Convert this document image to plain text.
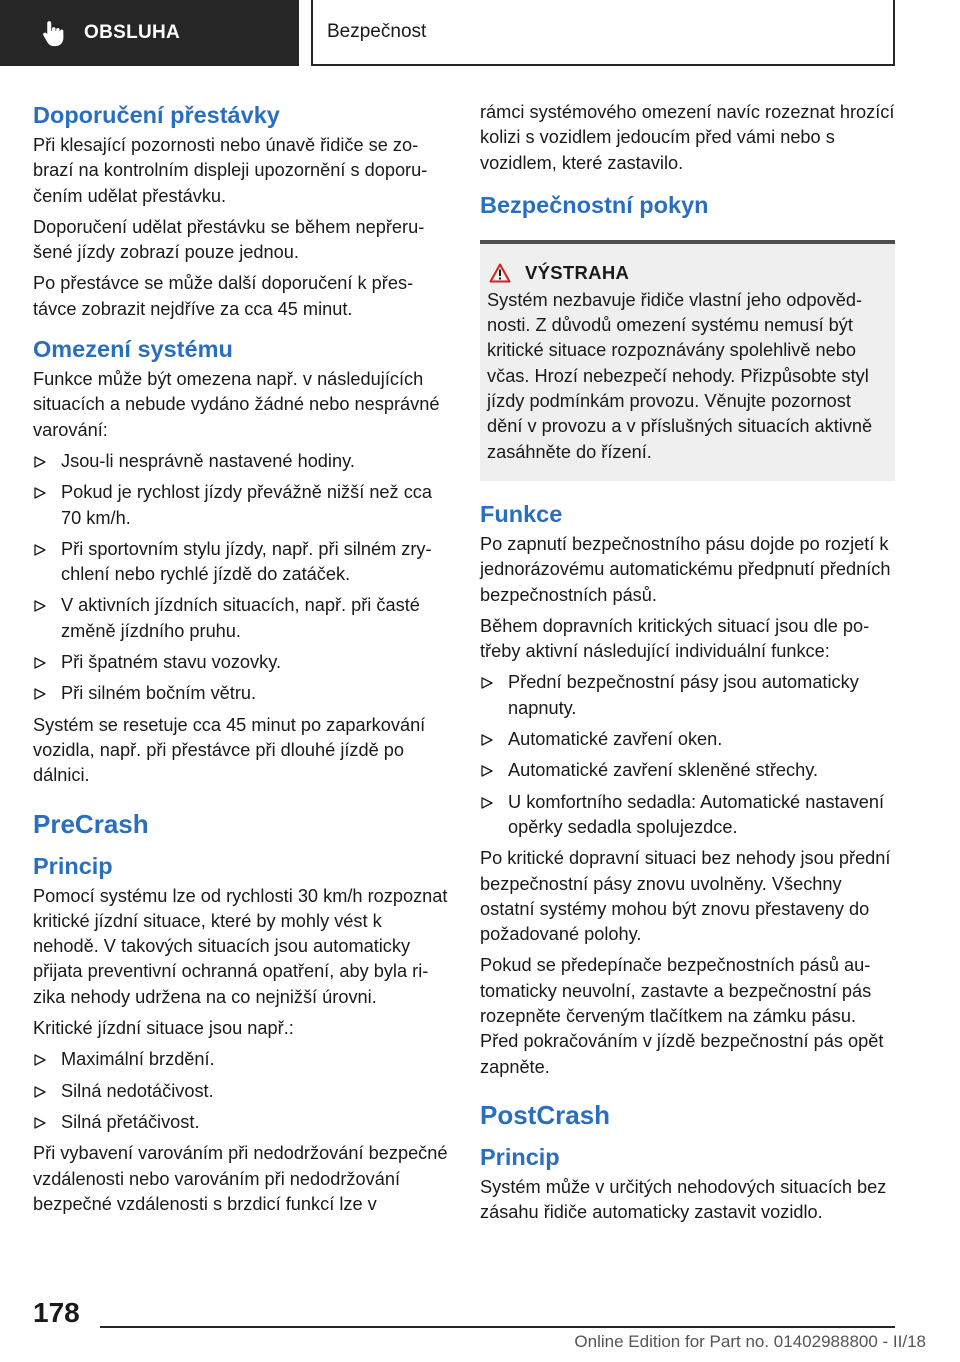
OBSLUHA	Bezpečnost
Doporučení přestávky

Při klesající pozornosti nebo únavě řidiče se zobrazí na kontrolním displeji upozornění s doporučením udělat přestávku.

Doporučení udělat přestávku se během nepřerušené jízdy zobrazí pouze jednou.

Po přestávce se může další doporučení k přestávce zobrazit nejdříve za cca 45 minut.

Omezení systému

Funkce může být omezena např. v následujících situacích a nebude vydáno žádné nebo nesprávné varování:

Jsou-li nesprávně nastavené hodiny.
Pokud je rychlost jízdy převážně nižší než cca 70 km/h.
Při sportovním stylu jízdy, např. při silném zrychlení nebo rychlé jízdě do zatáček.
V aktivních jízdních situacích, např. při časté změně jízdního pruhu.
Při špatném stavu vozovky.
Při silném bočním větru.

Systém se resetuje cca 45 minut po zaparkování vozidla, např. při přestávce při dlouhé jízdě po dálnici.

PreCrash
Princip

Pomocí systému lze od rychlosti 30 km/h rozpoznat kritické jízdní situace, které by mohly vést k nehodě. V takových situacích jsou automaticky přijata preventivní ochranná opatření, aby byla rizika nehody udržena na co nejnižší úrovni.

Kritické jízdní situace jsou např.:

Maximální brzdění.
Silná nedotáčivost.
Silná přetáčivost.

Při vybavení varováním při nedodržování bezpečné vzdálenosti nebo varováním při nedodržování bezpečné vzdálenosti s brzdicí funkcí lze v

rámci systémového omezení navíc rozeznat hrozící kolizi s vozidlem jedoucím před vámi nebo s vozidlem, které zastavilo.

Bezpečnostní pokyn
VÝSTRAHA

Systém nezbavuje řidiče vlastní jeho odpovědnosti. Z důvodů omezení systému nemusí být kritické situace rozpoznávány spolehlivě nebo včas. Hrozí nebezpečí nehody. Přizpůsobte styl jízdy podmínkám provozu. Věnujte pozornost dění v provozu a v příslušných situacích aktivně zasáhněte do řízení.

Funkce

Po zapnutí bezpečnostního pásu dojde po rozjetí k jednorázovému automatickému předpnutí předních bezpečnostních pásů.

Během dopravních kritických situací jsou dle potřeby aktivní následující individuální funkce:

Přední bezpečnostní pásy jsou automaticky napnuty.
Automatické zavření oken.
Automatické zavření skleněné střechy.
U komfortního sedadla: Automatické nastavení opěrky sedadla spolujezdce.

Po kritické dopravní situaci bez nehody jsou přední bezpečnostní pásy znovu uvolněny. Všechny ostatní systémy mohou být znovu přestaveny do požadované polohy.

Pokud se předepínače bezpečnostních pásů automaticky neuvolní, zastavte a bezpečnostní pás rozepněte červeným tlačítkem na zámku pásu. Před pokračováním v jízdě bezpečnostní pás opět zapněte.

PostCrash
Princip

Systém může v určitých nehodových situacích bez zásahu řidiče automaticky zastavit vozidlo.

178
Online Edition for Part no. 01402988800 - II/18
